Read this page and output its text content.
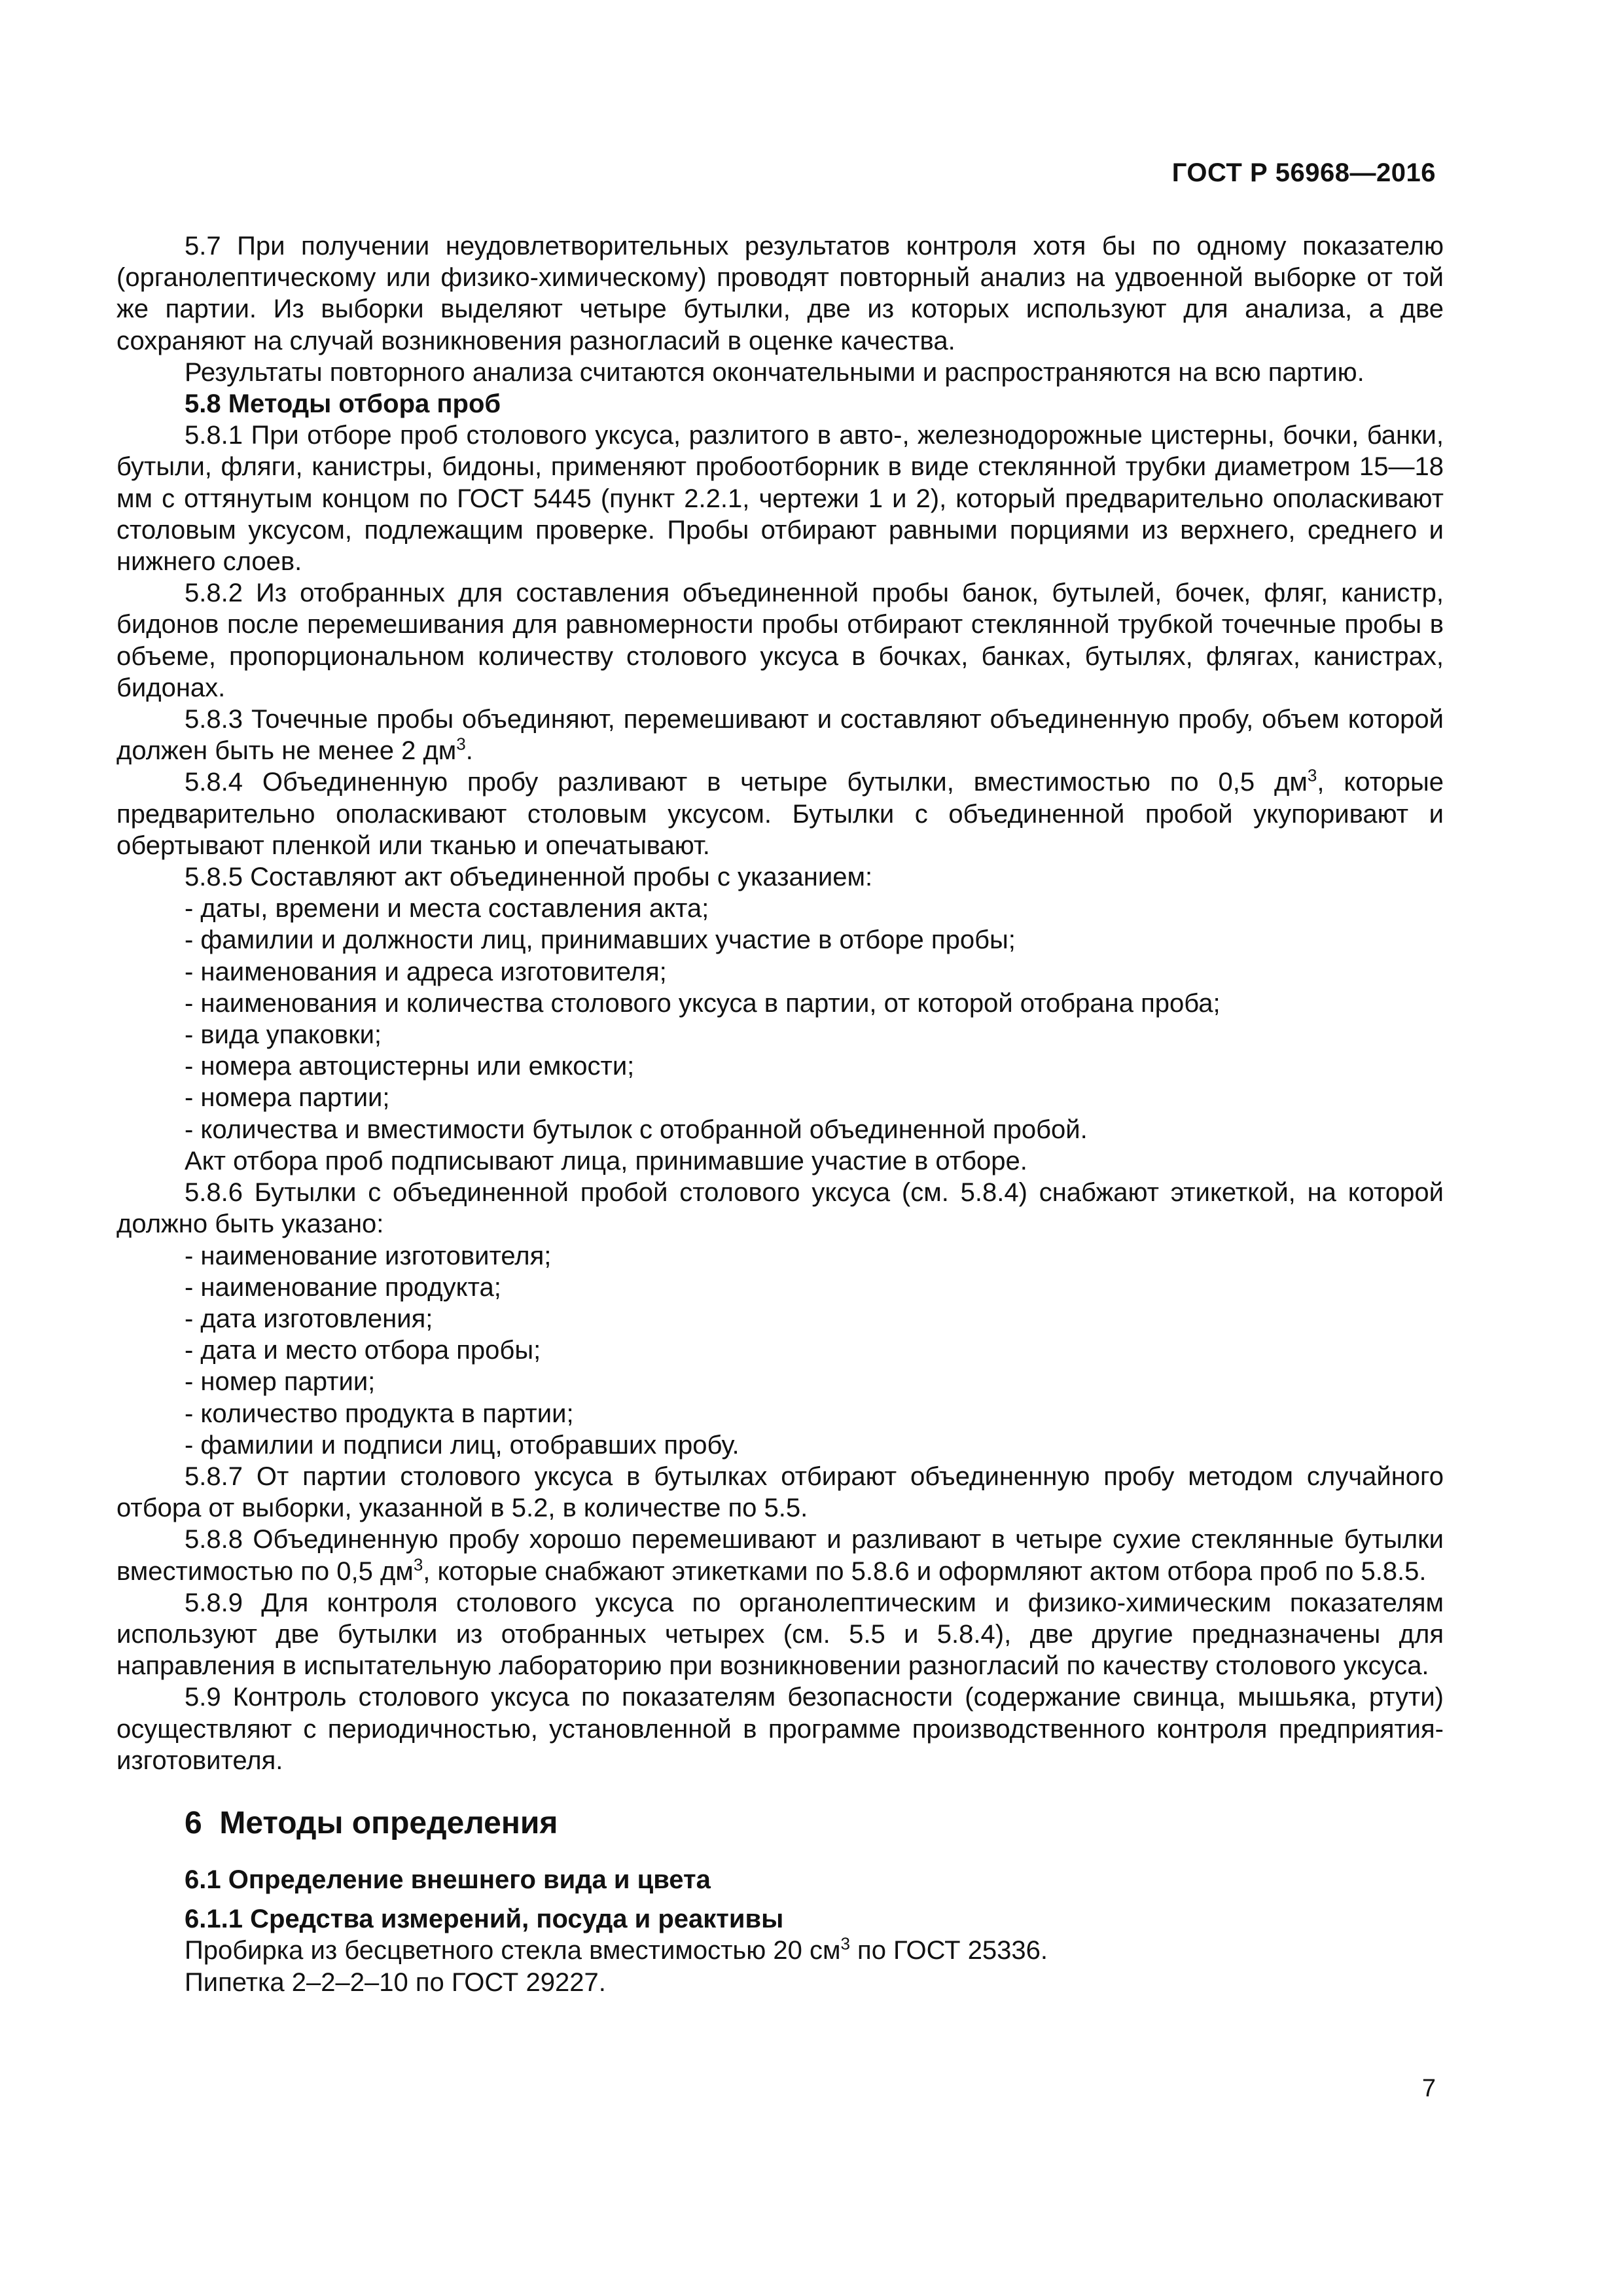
ГОСТ Р 56968—2016

5.7 При получении неудовлетворительных результатов контроля хотя бы по одному показателю (органолептическому или физико-химическому) проводят повторный анализ на удвоенной выборке от той же партии. Из выборки выделяют четыре бутылки, две из которых используют для анализа, а две сохраняют на случай возникновения разногласий в оценке качества.

Результаты повторного анализа считаются окончательными и распространяются на всю партию.

5.8 Методы отбора проб

5.8.1 При отборе проб столового уксуса, разлитого в авто-, железнодорожные цистерны, бочки, банки, бутыли, фляги, канистры, бидоны, применяют пробоотборник в виде стеклянной трубки диаметром 15—18 мм с оттянутым концом по ГОСТ 5445 (пункт 2.2.1, чертежи 1 и 2), который предварительно ополаскивают столовым уксусом, подлежащим проверке. Пробы отбирают равными порциями из верхнего, среднего и нижнего слоев.

5.8.2 Из отобранных для составления объединенной пробы банок, бутылей, бочек, фляг, канистр, бидонов после перемешивания для равномерности пробы отбирают стеклянной трубкой точечные пробы в объеме, пропорциональном количеству столового уксуса в бочках, банках, бутылях, флягах, канистрах, бидонах.

5.8.3 Точечные пробы объединяют, перемешивают и составляют объединенную пробу, объем которой должен быть не менее 2 $дм^3$.

5.8.4 Объединенную пробу разливают в четыре бутылки, вместимостью по 0,5 $дм^3$, которые предварительно ополаскивают столовым уксусом. Бутылки с объединенной пробой укупоривают и обертывают пленкой или тканью и опечатывают.

5.8.5 Составляют акт объединенной пробы с указанием:

- даты, времени и места составления акта;

- фамилии и должности лиц, принимавших участие в отборе пробы;

- наименования и адреса изготовителя;

- наименования и количества столового уксуса в партии, от которой отобрана проба;

- вида упаковки;

- номера автоцистерны или емкости;

- номера партии;

- количества и вместимости бутылок с отобранной объединенной пробой.

Акт отбора проб подписывают лица, принимавшие участие в отборе.

5.8.6 Бутылки с объединенной пробой столового уксуса (см. 5.8.4) снабжают этикеткой, на которой должно быть указано:

- наименование изготовителя;

- наименование продукта;

- дата изготовления;

- дата и место отбора пробы;

- номер партии;

- количество продукта в партии;

- фамилии и подписи лиц, отобравших пробу.

5.8.7 От партии столового уксуса в бутылках отбирают объединенную пробу методом случайного отбора от выборки, указанной в 5.2, в количестве по 5.5.

5.8.8 Объединенную пробу хорошо перемешивают и разливают в четыре сухие стеклянные бутылки вместимостью по 0,5 $дм^3$, которые снабжают этикетками по 5.8.6 и оформляют актом отбора проб по 5.8.5.

5.8.9 Для контроля столового уксуса по органолептическим и физико-химическим показателям используют две бутылки из отобранных четырех (см. 5.5 и 5.8.4), две другие предназначены для направления в испытательную лабораторию при возникновении разногласий по качеству столового уксуса.

5.9 Контроль столового уксуса по показателям безопасности (содержание свинца, мышьяка, ртути) осуществляют с периодичностью, установленной в программе производственного контроля предприятия-изготовителя.

6 Методы определения

6.1 Определение внешнего вида и цвета

6.1.1 Средства измерений, посуда и реактивы

Пробирка из бесцветного стекла вместимостью 20 $см^3$ по ГОСТ 25336.

Пипетка 2–2–2–10 по ГОСТ 29227.

7
